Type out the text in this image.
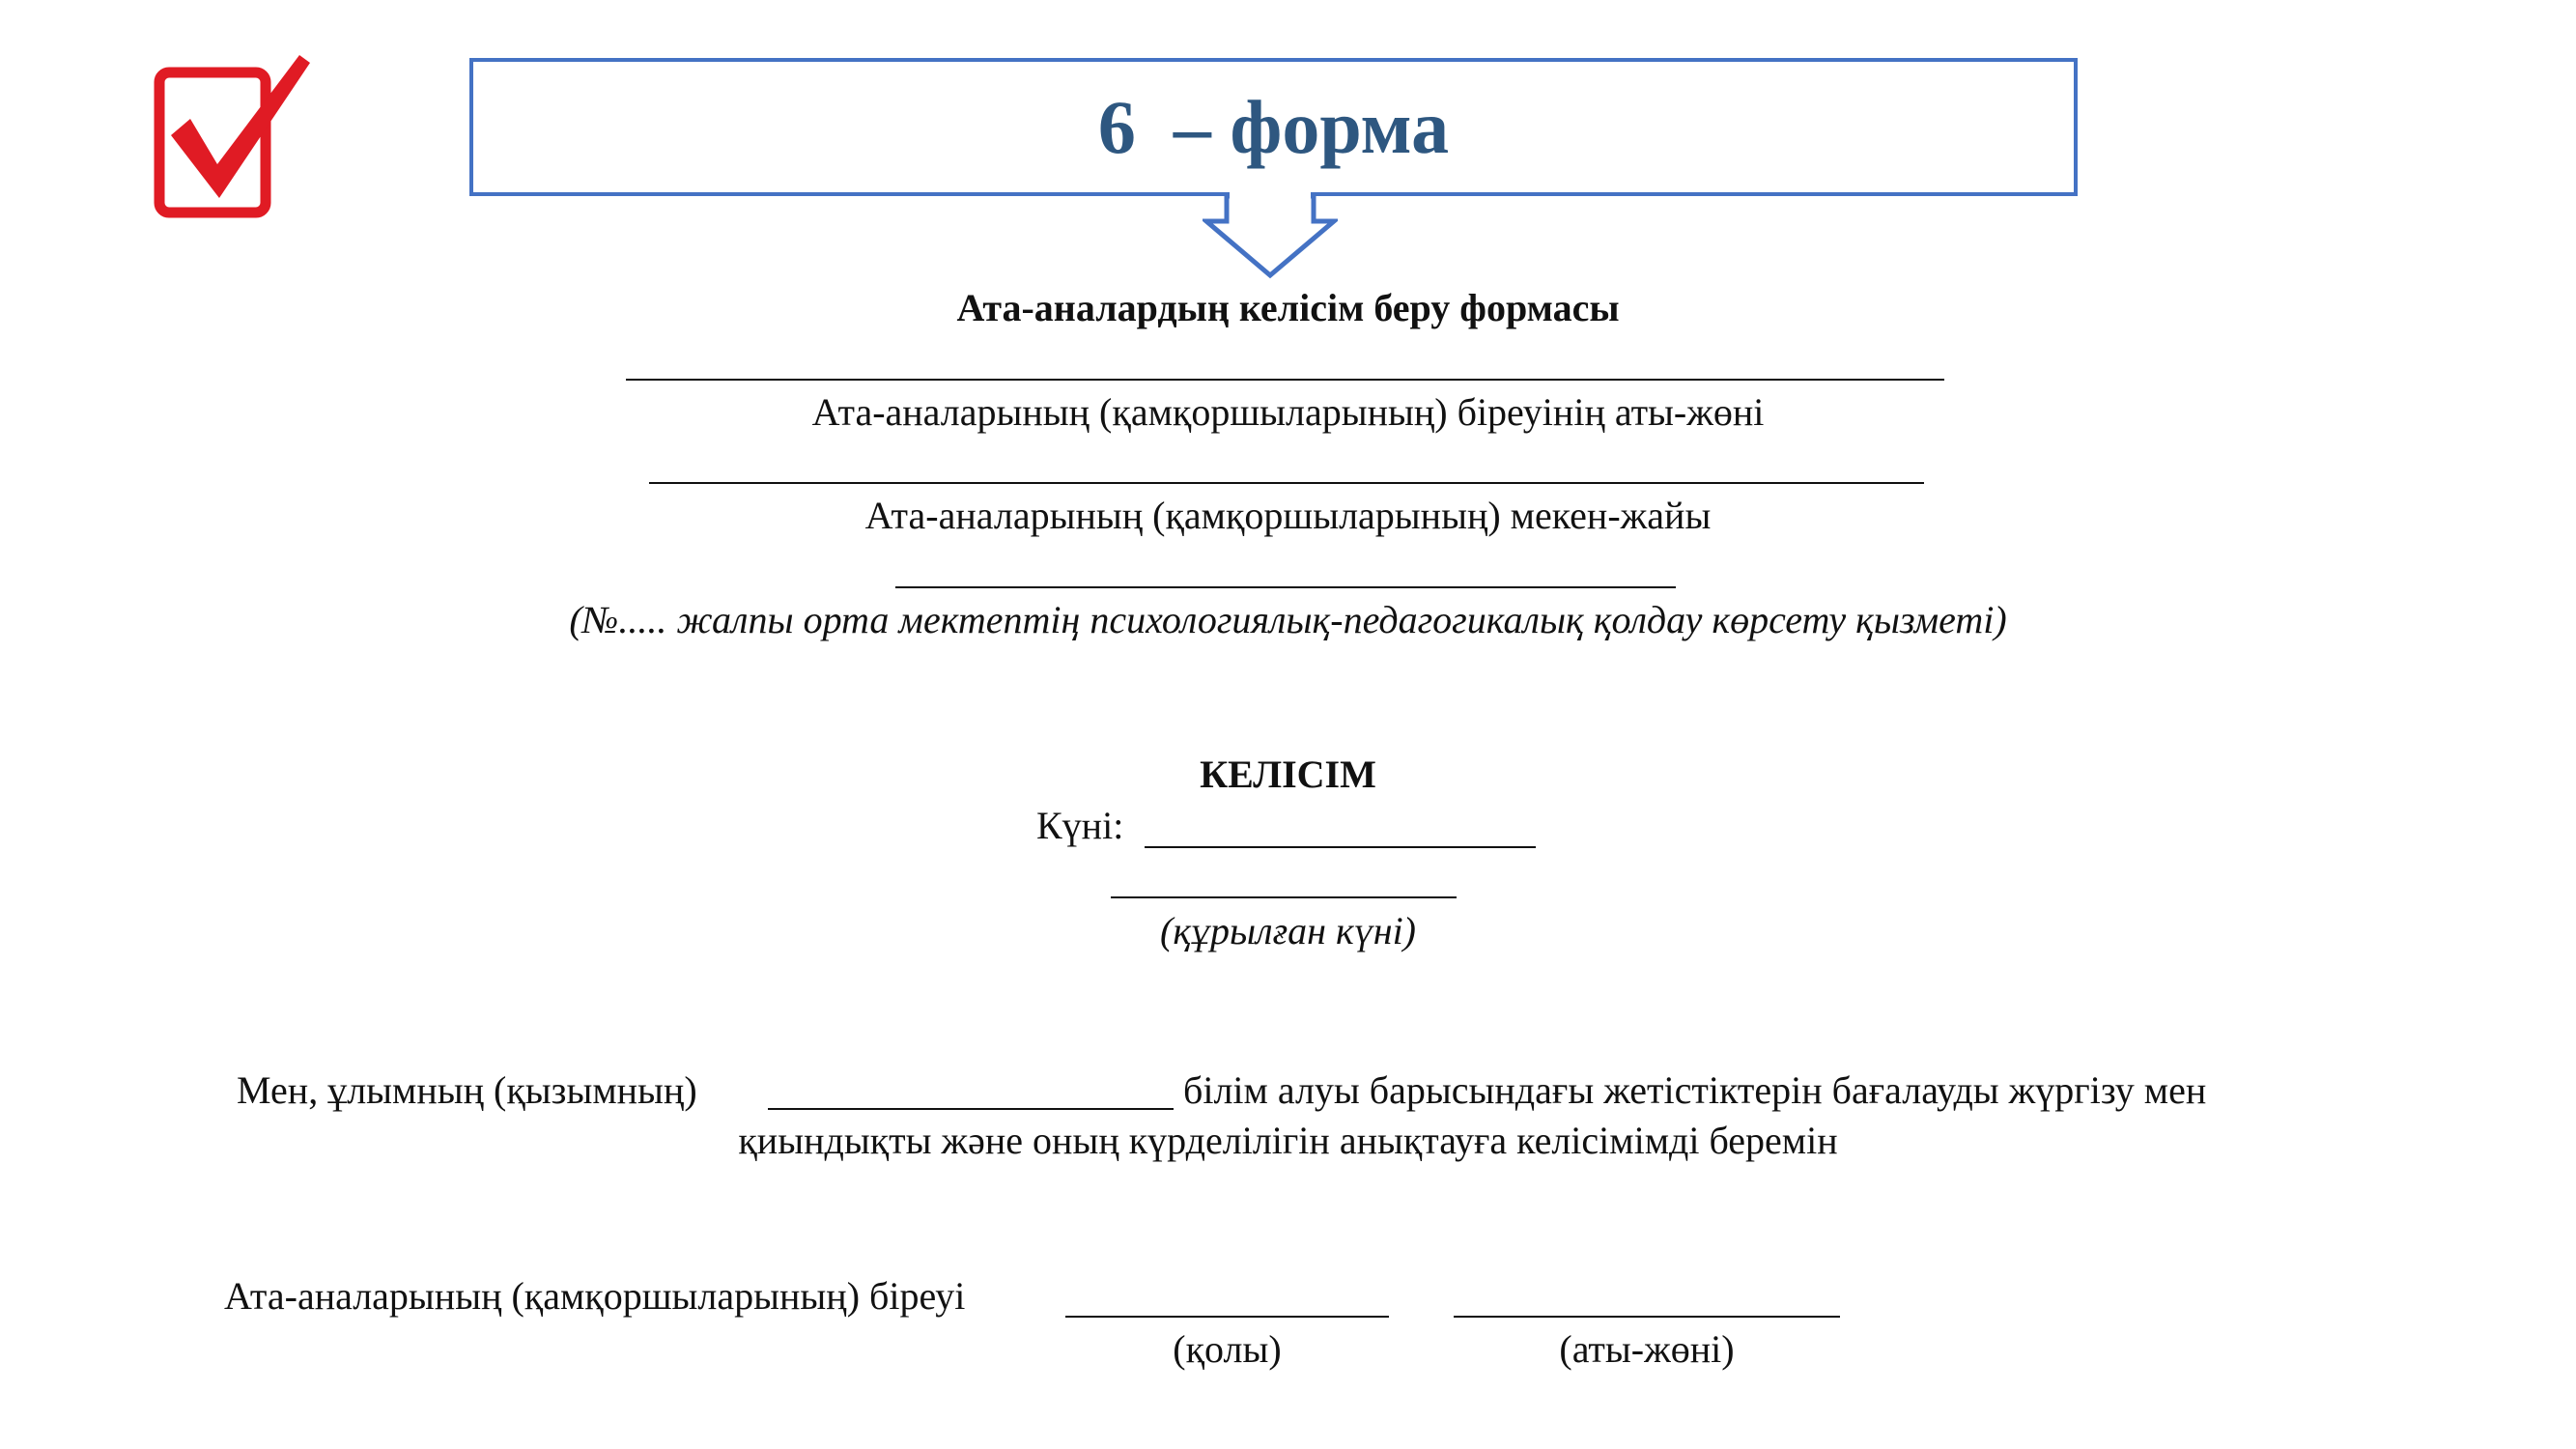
6  – форма
Ата-аналардың келісім беру формасы
Ата-аналарының (қамқоршыларының) біреуінің аты-жөні
Ата-аналарының (қамқоршыларының) мекен-жайы
(№..... жалпы орта мектептің психологиялық-педагогикалық қолдау көрсету қызметі)
КЕЛІСІМ
Күні:
(құрылған күні)
Мен, ұлымның (қызымның)	білім алуы барысындағы жетістіктерін бағалауды жүргізу мен
қиындықты және оның күрделілігін анықтауға келісімімді беремін
Ата-аналарының (қамқоршыларының) біреуі
(қолы)	(аты-жөні)
